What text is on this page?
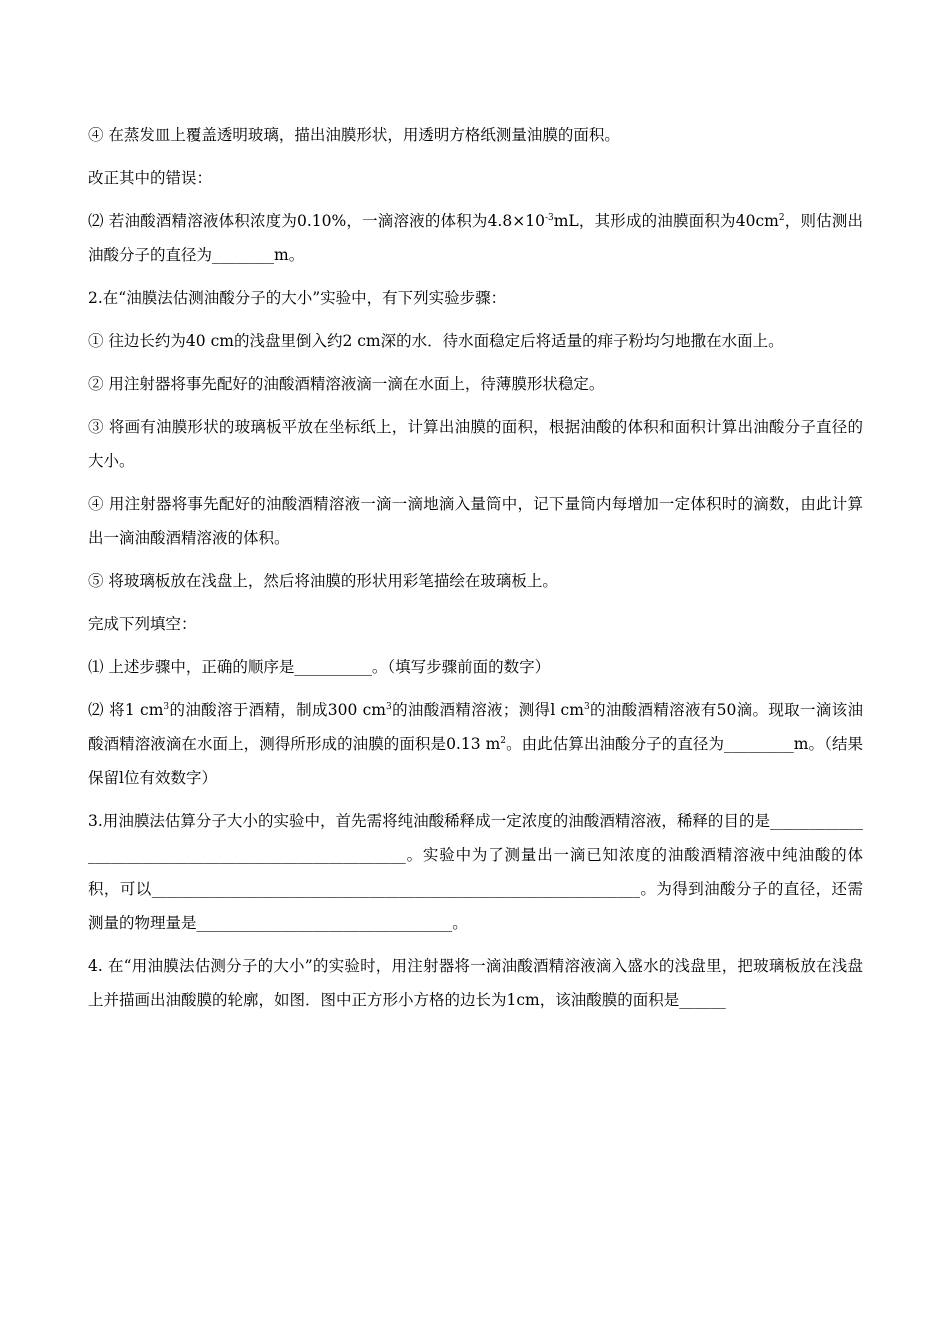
④ 在蒸发皿上覆盖透明玻璃，描出油膜形状，用透明方格纸测量油膜的面积。

改正其中的错误：

⑵ 若油酸酒精溶液体积浓度为0.10%，一滴溶液的体积为$4.8\times 10^{-3}mL$，其形成的油膜面积为$40cm^2$，则估测出油酸分子的直径为________m。

2.在“油膜法估测油酸分子的大小”实验中，有下列实验步骤：

① 往边长约为40 cm的浅盘里倒入约2 cm深的水．待水面稳定后将适量的痱子粉均匀地撒在水面上。

② 用注射器将事先配好的油酸酒精溶液滴一滴在水面上，待薄膜形状稳定。

③ 将画有油膜形状的玻璃板平放在坐标纸上，计算出油膜的面积，根据油酸的体积和面积计算出油酸分子直径的大小。

④ 用注射器将事先配好的油酸酒精溶液一滴一滴地滴入量筒中，记下量筒内每增加一定体积时的滴数，由此计算出一滴油酸酒精溶液的体积。

⑤ 将玻璃板放在浅盘上，然后将油膜的形状用彩笔描绘在玻璃板上。

完成下列填空：

⑴ 上述步骤中，正确的顺序是__________。（填写步骤前面的数字）

⑵ 将1 $cm^3$的油酸溶于酒精，制成300 $cm^3$的油酸酒精溶液；测得l $cm^3$的油酸酒精溶液有50滴。现取一滴该油酸酒精溶液滴在水面上，测得所形成的油膜的面积是0.13 $m^2$。由此估算出油酸分子的直径为_________m。（结果保留l位有效数字）

3.用油膜法估算分子大小的实验中，首先需将纯油酸稀释成一定浓度的油酸酒精溶液，稀释的目的是_____________________________________________________。实验中为了测量出一滴已知浓度的油酸酒精溶液中纯油酸的体积，可以_______________________________________________________________。为得到油酸分子的直径，还需测量的物理量是_________________________________。

4. 在“用油膜法估测分子的大小”的实验时，用注射器将一滴油酸酒精溶液滴入盛水的浅盘里，把玻璃板放在浅盘上并描画出油酸膜的轮廓，如图．图中正方形小方格的边长为1cm，该油酸膜的面积是______
